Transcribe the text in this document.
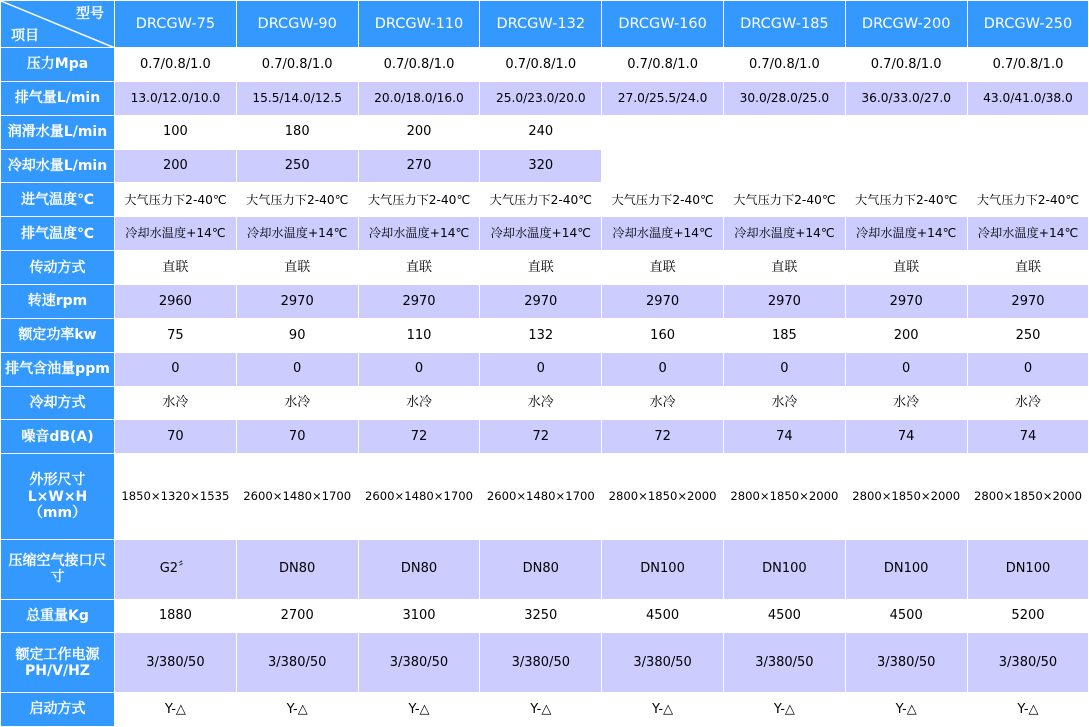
型号
项目	DRCGW-75	DRCGW-90	DRCGW-110	DRCGW-132	DRCGW-160	DRCGW-185	DRCGW-200	DRCGW-250
压力Mpa	0.7/0.8/1.0	0.7/0.8/1.0	0.7/0.8/1.0	0.7/0.8/1.0	0.7/0.8/1.0	0.7/0.8/1.0	0.7/0.8/1.0	0.7/0.8/1.0
排气量L/min	13.0/12.0/10.0	15.5/14.0/12.5	20.0/18.0/16.0	25.0/23.0/20.0	27.0/25.5/24.0	30.0/28.0/25.0	36.0/33.0/27.0	43.0/41.0/38.0
润滑水量L/min	100	180	200	240				
冷却水量L/min	200	250	270	320				
进气温度℃	大气压力下2-40℃	大气压力下2-40℃	大气压力下2-40℃	大气压力下2-40℃	大气压力下2-40℃	大气压力下2-40℃	大气压力下2-40℃	大气压力下2-40℃
排气温度℃	冷却水温度+14℃	冷却水温度+14℃	冷却水温度+14℃	冷却水温度+14℃	冷却水温度+14℃	冷却水温度+14℃	冷却水温度+14℃	冷却水温度+14℃
传动方式	直联	直联	直联	直联	直联	直联	直联	直联
转速rpm	2960	2970	2970	2970	2970	2970	2970	2970
额定功率kw	75	90	110	132	160	185	200	250
排气含油量ppm	0	0	0	0	0	0	0	0
冷却方式	水冷	水冷	水冷	水冷	水冷	水冷	水冷	水冷
噪音dB(A)	70	70	72	72	72	74	74	74
外形尺寸L×W×H（mm）	1850×1320×1535	2600×1480×1700	2600×1480×1700	2600×1480×1700	2800×1850×2000	2800×1850×2000	2800×1850×2000	2800×1850×2000
压缩空气接口尺寸	G2〞	DN80	DN80	DN80	DN100	DN100	DN100	DN100
总重量Kg	1880	2700	3100	3250	4500	4500	4500	5200
额定工作电源PH/V/HZ	3/380/50	3/380/50	3/380/50	3/380/50	3/380/50	3/380/50	3/380/50	3/380/50
启动方式	Y-△	Y-△	Y-△	Y-△	Y-△	Y-△	Y-△	Y-△
